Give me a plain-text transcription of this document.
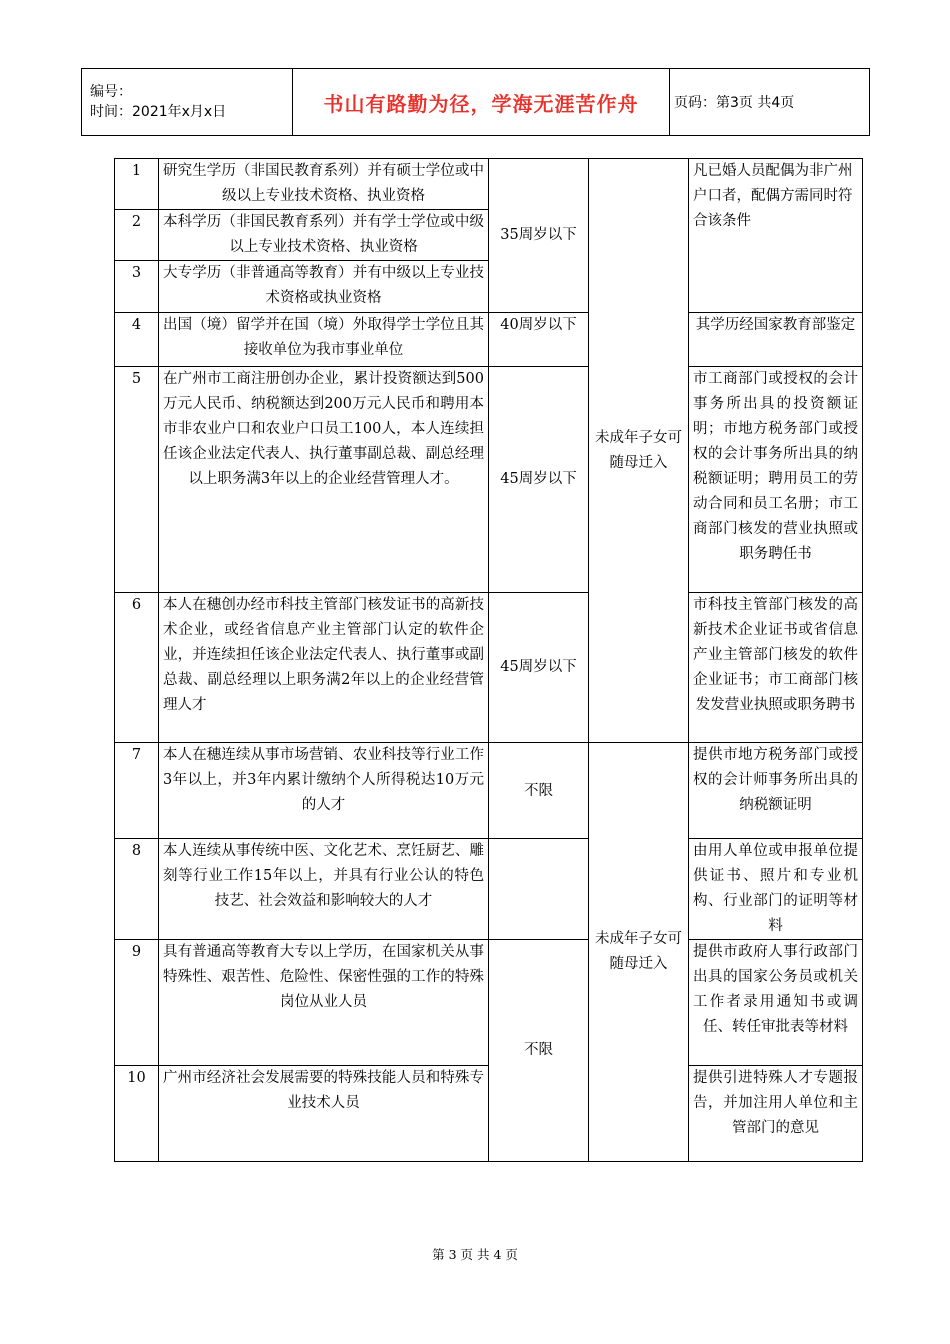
编号：
时间：2021年x月x日	书山有路勤为径，学海无涯苦作舟	页码：第3页 共4页
1	研究生学历（非国民教育系列）并有硕士学位或中级以上专业技术资格、执业资格	35周岁以下	未成年子女可随母迁入	凡已婚人员配偶为非广州户口者，配偶方需同时符合该条件
2	本科学历（非国民教育系列）并有学士学位或中级以上专业技术资格、执业资格			
3	大专学历（非普通高等教育）并有中级以上专业技术资格或执业资格			
4	出国（境）留学并在国（境）外取得学士学位且其接收单位为我市事业单位	40周岁以下		其学历经国家教育部鉴定
5	在广州市工商注册创办企业，累计投资额达到500万元人民币、纳税额达到200万元人民币和聘用本市非农业户口和农业户口员工100人，本人连续担任该企业法定代表人、执行董事副总裁、副总经理以上职务满3年以上的企业经营管理人才。	45周岁以下		市工商部门或授权的会计事务所出具的投资额证明；市地方税务部门或授权的会计事务所出具的纳税额证明；聘用员工的劳动合同和员工名册；市工商部门核发的营业执照或职务聘任书
6	本人在穗创办经市科技主管部门核发证书的高新技术企业，或经省信息产业主管部门认定的软件企业，并连续担任该企业法定代表人、执行董事或副总裁、副总经理以上职务满2年以上的企业经营管理人才	45周岁以下		市科技主管部门核发的高新技术企业证书或省信息产业主管部门核发的软件企业证书；市工商部门核发发营业执照或职务聘书
7	本人在穗连续从事市场营销、农业科技等行业工作3年以上，并3年内累计缴纳个人所得税达10万元的人才	不限	未成年子女可随母迁入	提供市地方税务部门或授权的会计师事务所出具的纳税额证明
8	本人连续从事传统中医、文化艺术、烹饪厨艺、雕刻等行业工作15年以上，并具有行业公认的特色技艺、社会效益和影响较大的人才			由用人单位或申报单位提供证书、照片和专业机构、行业部门的证明等材料
9	具有普通高等教育大专以上学历，在国家机关从事特殊性、艰苦性、危险性、保密性强的工作的特殊岗位从业人员	不限		提供市政府人事行政部门出具的国家公务员或机关工作者录用通知书或调任、转任审批表等材料
10	广州市经济社会发展需要的特殊技能人员和特殊专业技术人员			提供引进特殊人才专题报告，并加注用人单位和主管部门的意见
第 3 页 共 4 页
